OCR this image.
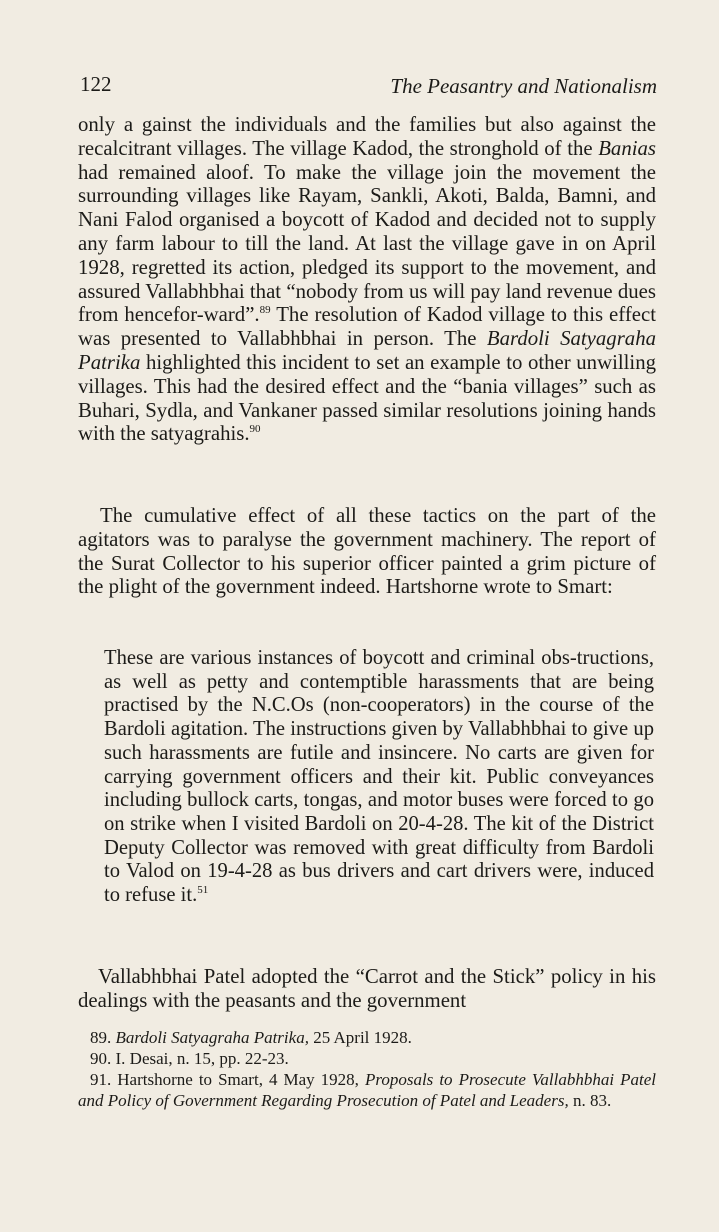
122	The Peasantry and Nationalism

only a gainst the individuals and the families but also against the recalcitrant villages. The village Kadod, the stronghold of the Banias had remained aloof. To make the village join the movement the surrounding villages like Rayam, Sankli, Akoti, Balda, Bamni, and Nani Falod organised a boycott of Kadod and decided not to supply any farm labour to till the land. At last the village gave in on April 1928, regretted its action, pledged its support to the movement, and assured Vallabhbhai that “nobody from us will pay land revenue dues from hencefor-ward”.$^{89}$ The resolution of Kadod village to this effect was presented to Vallabhbhai in person. The Bardoli Satyagraha Patrika highlighted this incident to set an example to other unwilling villages. This had the desired effect and the “bania villages” such as Buhari, Sydla, and Vankaner passed similar resolutions joining hands with the satyagrahis.$^{90}$

The cumulative effect of all these tactics on the part of the agitators was to paralyse the government machinery. The report of the Surat Collector to his superior officer painted a grim picture of the plight of the government indeed. Hartshorne wrote to Smart:

These are various instances of boycott and criminal obs-tructions, as well as petty and contemptible harassments that are being practised by the N.C.Os (non-cooperators) in the course of the Bardoli agitation. The instructions given by Vallabhbhai to give up such harassments are futile and insincere. No carts are given for carrying government officers and their kit. Public conveyances including bullock carts, tongas, and motor buses were forced to go on strike when I visited Bardoli on 20-4-28. The kit of the District Deputy Collector was removed with great difficulty from Bardoli to Valod on 19-4-28 as bus drivers and cart drivers were, induced to refuse it.$^{51}$

Vallabhbhai Patel adopted the “Carrot and the Stick” policy in his dealings with the peasants and the government

89. Bardoli Satyagraha Patrika, 25 April 1928.

90. I. Desai, n. 15, pp. 22-23.

91. Hartshorne to Smart, 4 May 1928, Proposals to Prosecute Vallabhbhai Patel and Policy of Government Regarding Prosecution of Patel and Leaders, n. 83.
